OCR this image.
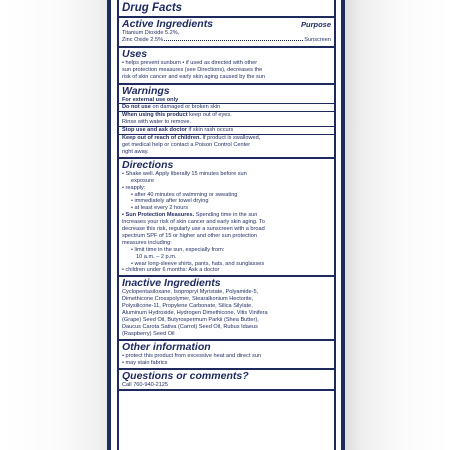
Drug Facts
Active Ingredients	Purpose
Titanium Dioxide 5.2%,
Zinc Oxide 2.5%	Sunscreen
Uses
• helps prevent sunburn • if used as directed with other
sun protection measures (see Directions), decreases the
risk of skin cancer and early skin aging caused by the sun
Warnings
For external use only
Do not use on damaged or broken skin
When using this product keep out of eyes.
Rinse with water to remove.
Stop use and ask doctor if skin rash occurs
Keep out of reach of children. If product is swallowed,
get medical help or contact a Poison Control Center
right away.
Directions
• Shake well. Apply liberally 15 minutes before sun
exposure
• reapply:
• after 40 minutes of swimming or sweating
• immediately after towel drying
• at least every 2 hours
• Sun Protection Measures. Spending time in the sun
increases your risk of skin cancer and early skin aging. To
decrease this risk, regularly use a sunscreen with a broad
spectrum SPF of 15 or higher and other sun protection
measures including:
• limit time in the sun, especially from:
10 a.m. – 2 p.m.
• wear long-sleeve shirts, pants, hats, and sunglasses
• children under 6 months: Ask a doctor
Inactive Ingredients
Cyclopentasiloxane, Isopropryl Myristate, Polyamide-5,
Dimethicone Crosspolymer, Stearalkonium Hectorite,
Polysilicone-11, Propylene Carbonate, Silica Silylate,
Aluminum Hydroxide, Hydrogen Dimethicone, Vitis Vinifera
(Grape) Seed Oil, Butyrospermum Parkii (Shea Butter),
Daucus Carota Sativa (Carrot) Seed Oil, Rubus Idaeus
(Raspberry) Seed Oil
Other information
• protect this product from excessive heat and direct sun
• may stain fabrics
Questions or comments?
Call 760-940-2125
